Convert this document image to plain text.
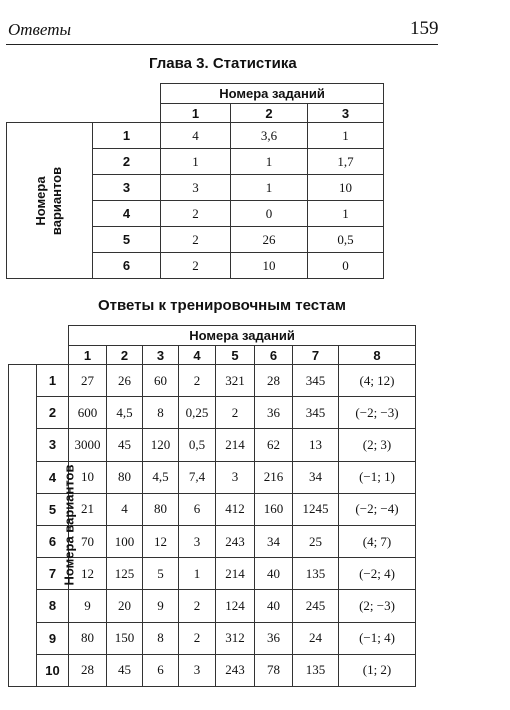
Ответы	159
Глава 3. Статистика
		Номера заданий		
		1	2	3

Номера вариантов	1	4	3,6	1
	2	1	1	1,7
	3	3	1	10
	4	2	0	1
	5	2	26	0,5
	6	2	10	0
Ответы к тренировочным тестам
		Номера заданий							
		1	2	3	4	5	6	7	8
Номера вариантов	1	27	26	60	2	321	28	345	(4; 12)
	2	600	4,5	8	0,25	2	36	345	(−2; −3)
	3	3000	45	120	0,5	214	62	13	(2; 3)
	4	10	80	4,5	7,4	3	216	34	(−1; 1)
	5	21	4	80	6	412	160	1245	(−2; −4)
	6	70	100	12	3	243	34	25	(4; 7)
	7	12	125	5	1	214	40	135	(−2; 4)
	8	9	20	9	2	124	40	245	(2; −3)
	9	80	150	8	2	312	36	24	(−1; 4)
	10	28	45	6	3	243	78	135	(1; 2)
